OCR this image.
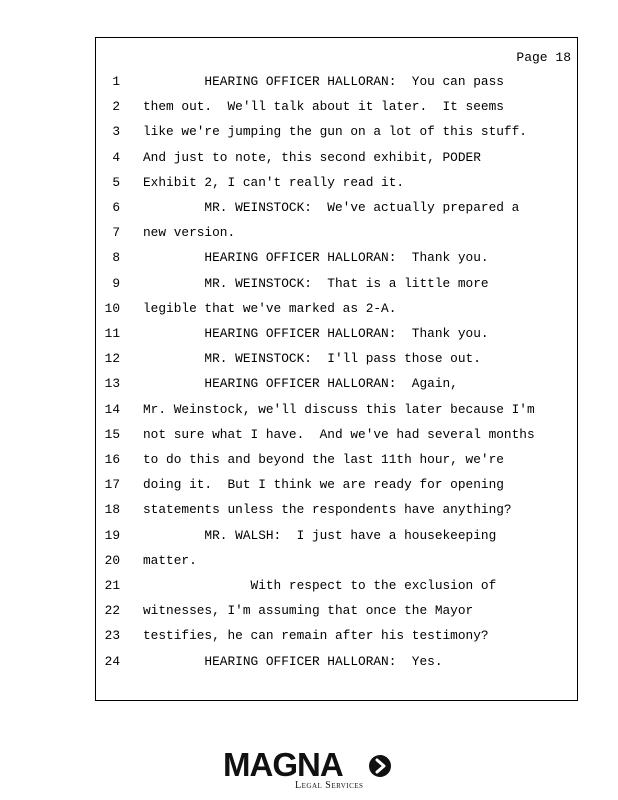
Page 18
1 HEARING OFFICER HALLORAN:  You can pass
2 them out.  We'll talk about it later.  It seems
3 like we're jumping the gun on a lot of this stuff.
4 And just to note, this second exhibit, PODER
5 Exhibit 2, I can't really read it.
6 MR. WEINSTOCK:  We've actually prepared a
7 new version.
8 HEARING OFFICER HALLORAN:  Thank you.
9 MR. WEINSTOCK:  That is a little more
10 legible that we've marked as 2-A.
11 HEARING OFFICER HALLORAN:  Thank you.
12 MR. WEINSTOCK:  I'll pass those out.
13 HEARING OFFICER HALLORAN:  Again,
14 Mr. Weinstock, we'll discuss this later because I'm
15 not sure what I have.  And we've had several months
16 to do this and beyond the last 11th hour, we're
17 doing it.  But I think we are ready for opening
18 statements unless the respondents have anything?
19 MR. WALSH:  I just have a housekeeping
20 matter.
21 With respect to the exclusion of
22 witnesses, I'm assuming that once the Mayor
23 testifies, he can remain after his testimony?
24 HEARING OFFICER HALLORAN:  Yes.
MAGNA
Legal Services
